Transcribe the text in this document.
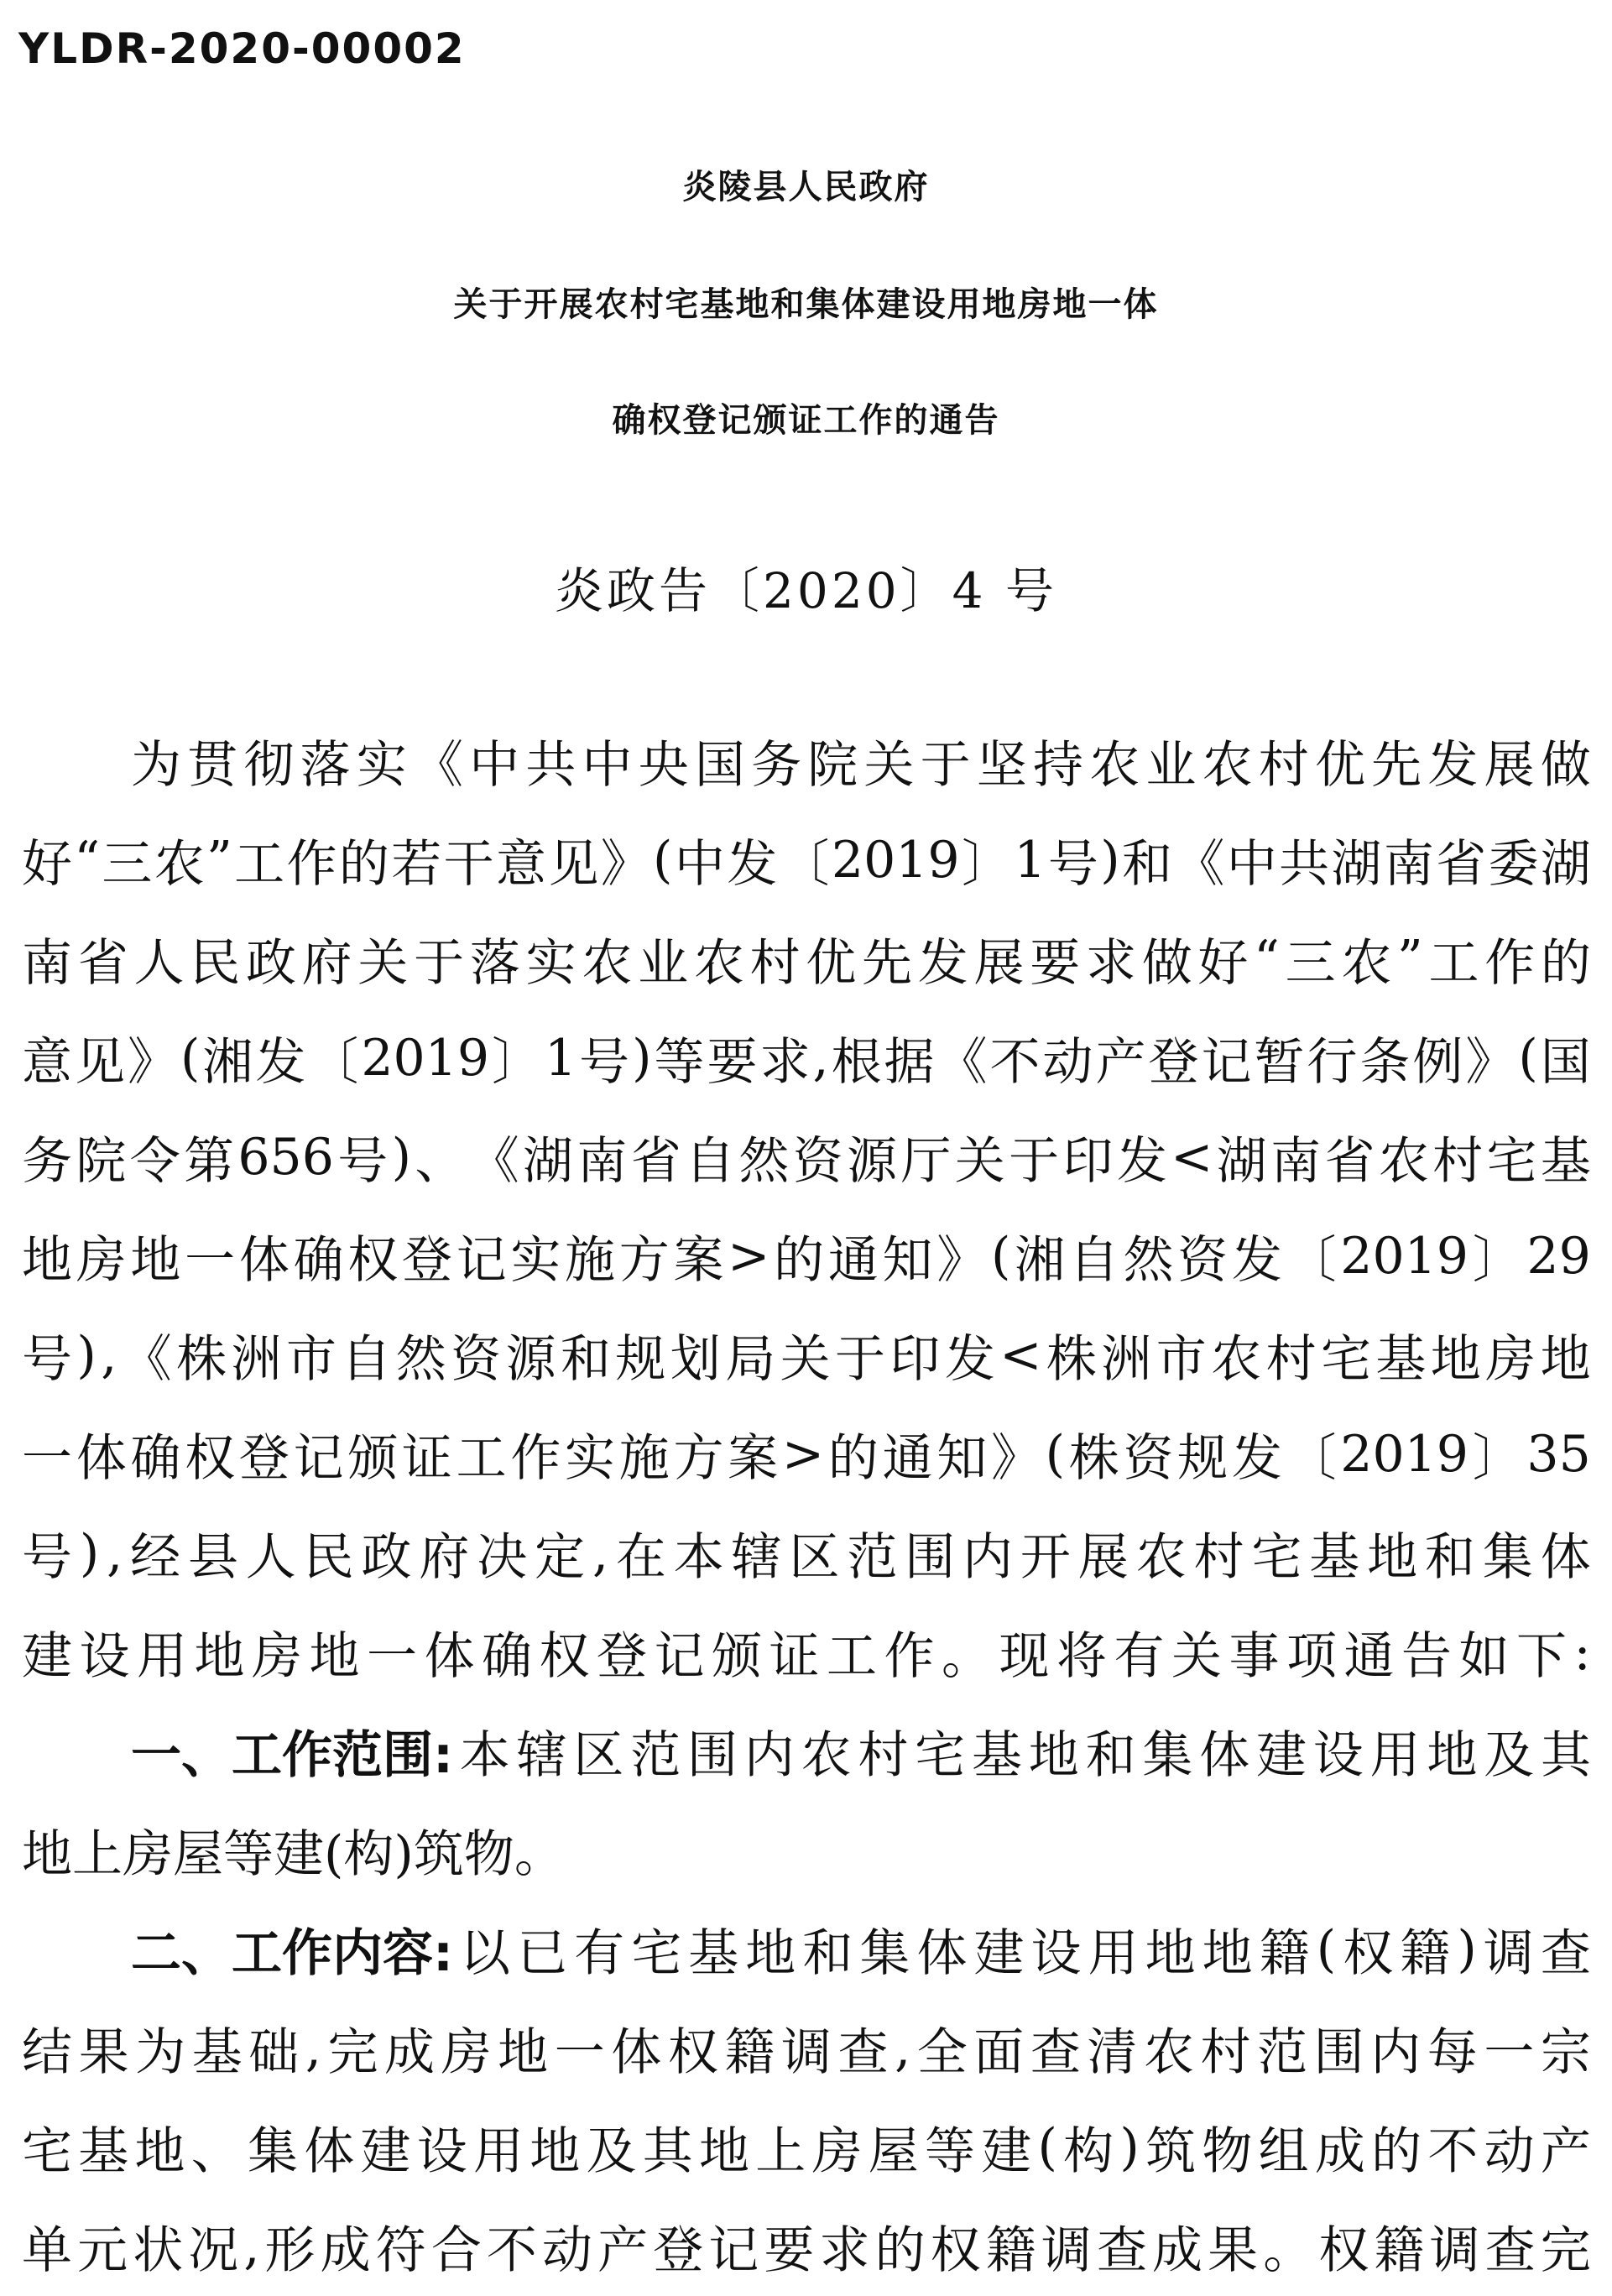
YLDR-2020-00002
炎陵县人民政府
关于开展农村宅基地和集体建设用地房地一体
确权登记颁证工作的通告
炎政告〔2020〕4 号
为 贯 彻 落 实 《 中 共 中 央 国 务 院 关 于 坚 持 农 业 农 村 优 先 发 展 做
好 “ 三 农 ” 工 作 的 若 干 意 见 》 ( 中 发 〔 2019 〕 1 号 ) 和 《 中 共 湖 南 省 委 湖
南 省 人 民 政 府 关 于 落 实 农 业 农 村 优 先 发 展 要 求 做 好 “ 三 农 ” 工 作 的
意 见 》 ( 湘 发 〔 2019 〕 1 号 ) 等 要 求 , 根 据 《 不 动 产 登 记 暂 行 条 例 》 ( 国
务 院 令 第 656 号 ) 、 《 湖 南 省 自 然 资 源 厅 关 于 印 发 < 湖 南 省 农 村 宅 基
地 房 地 一 体 确 权 登 记 实 施 方 案 > 的 通 知 》 ( 湘 自 然 资 发 〔 2019 〕 29
号 ) , 《 株 洲 市 自 然 资 源 和 规 划 局 关 于 印 发 < 株 洲 市 农 村 宅 基 地 房 地
一 体 确 权 登 记 颁 证 工 作 实 施 方 案 > 的 通 知 》 ( 株 资 规 发 〔 2019 〕 35
号 ) , 经 县 人 民 政 府 决 定 , 在 本 辖 区 范 围 内 开 展 农 村 宅 基 地 和 集 体
建 设 用 地 房 地 一 体 确 权 登 记 颁 证 工 作 。 现 将 有 关 事 项 通 告 如 下 :
一、工作范围: 本 辖 区 范 围 内 农 村 宅 基 地 和 集 体 建 设 用 地 及 其
地上房屋等建(构)筑物。
二、工作内容: 以 已 有 宅 基 地 和 集 体 建 设 用 地 地 籍 ( 权 籍 ) 调 查
结 果 为 基 础 , 完 成 房 地 一 体 权 籍 调 查 , 全 面 查 清 农 村 范 围 内 每 一 宗
宅 基 地 、 集 体 建 设 用 地 及 其 地 上 房 屋 等 建 ( 构 ) 筑 物 组 成 的 不 动 产
单 元 状 况 , 形 成 符 合 不 动 产 登 记 要 求 的 权 籍 调 查 成 果 。 权 籍 调 查 完
